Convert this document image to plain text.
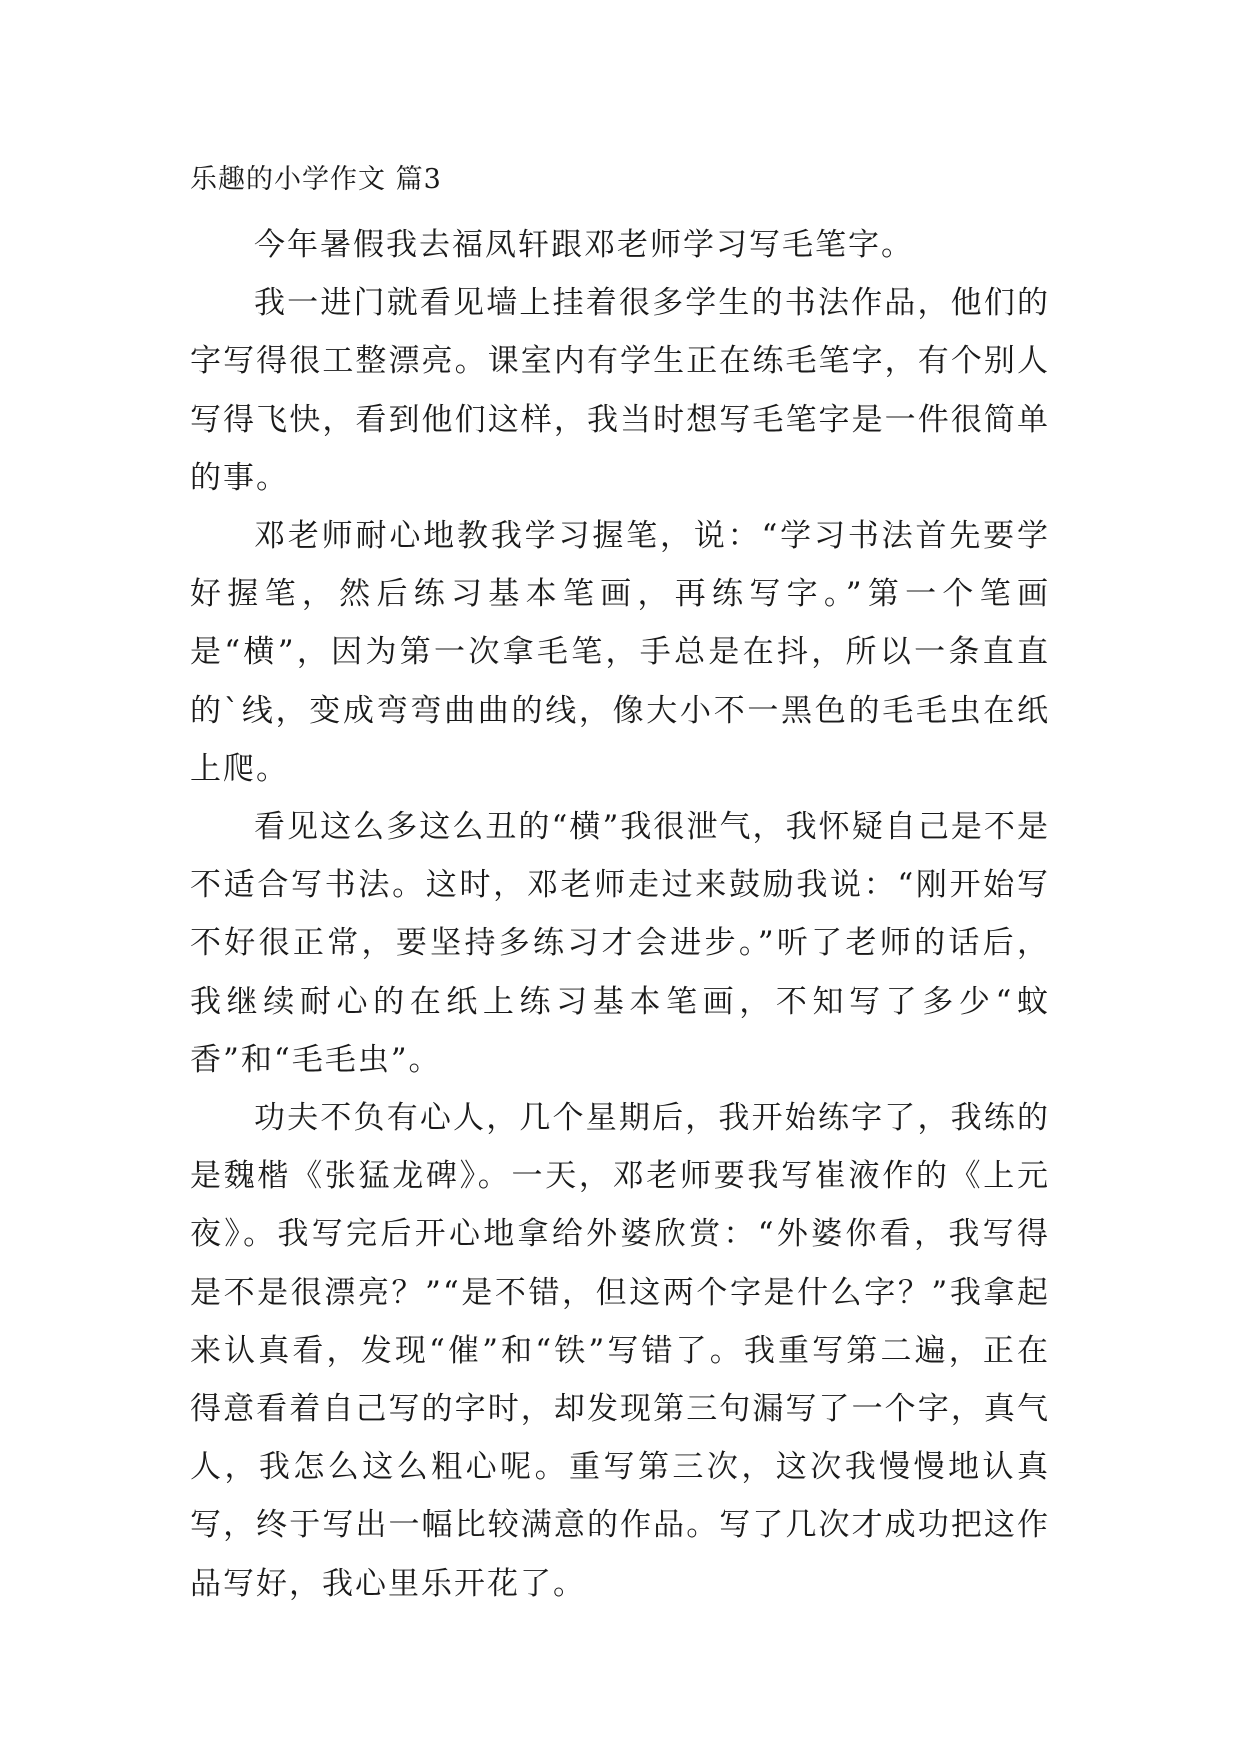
乐趣的小学作文 篇3

今年暑假我去福凤轩跟邓老师学习写毛笔字。

我一进门就看见墙上挂着很多学生的书法作品，他们的字写得很工整漂亮。课室内有学生正在练毛笔字，有个别人写得飞快，看到他们这样，我当时想写毛笔字是一件很简单的事。

邓老师耐心地教我学习握笔，说：“学习书法首先要学好握笔，然后练习基本笔画，再练写字。”第一个笔画是“横”，因为第一次拿毛笔，手总是在抖，所以一条直直的`线，变成弯弯曲曲的线，像大小不一黑色的毛毛虫在纸上爬。

看见这么多这么丑的“横”我很泄气，我怀疑自己是不是不适合写书法。这时，邓老师走过来鼓励我说：“刚开始写不好很正常，要坚持多练习才会进步。”听了老师的话后，我继续耐心的在纸上练习基本笔画，不知写了多少“蚊香”和“毛毛虫”。

功夫不负有心人，几个星期后，我开始练字了，我练的是魏楷《张猛龙碑》。一天，邓老师要我写崔液作的《上元夜》。我写完后开心地拿给外婆欣赏：“外婆你看，我写得是不是很漂亮？”“是不错，但这两个字是什么字？”我拿起来认真看，发现“催”和“铁”写错了。我重写第二遍，正在得意看着自己写的字时，却发现第三句漏写了一个字，真气人，我怎么这么粗心呢。重写第三次，这次我慢慢地认真写，终于写出一幅比较满意的作品。写了几次才成功把这作品写好，我心里乐开花了。
